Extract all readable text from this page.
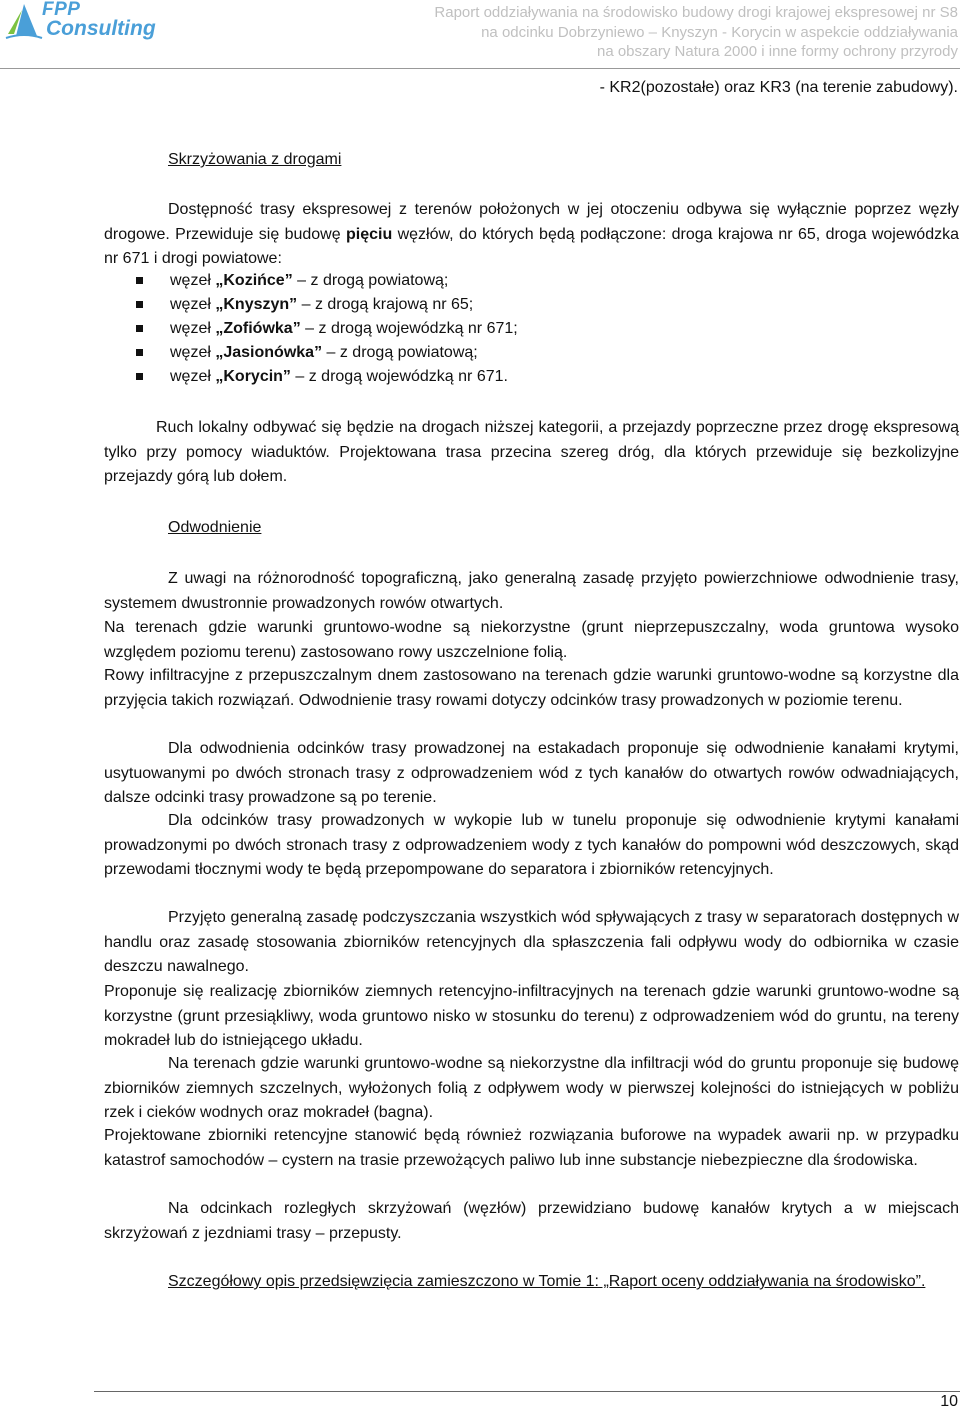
FPP
Consulting
Raport oddziaływania na środowisko budowy drogi krajowej ekspresowej nr S8
na odcinku Dobrzyniewo – Knyszyn - Korycin w aspekcie oddziaływania
na obszary Natura 2000 i inne formy ochrony przyrody
- KR2(pozostałe) oraz KR3 (na terenie zabudowy).
Skrzyżowania z drogami

Dostępność trasy ekspresowej z terenów położonych w jej otoczeniu odbywa się wyłącznie poprzez węzły drogowe. Przewiduje się budowę pięciu węzłów, do których będą podłączone: droga krajowa nr 65, droga wojewódzka nr 671 i drogi powiatowe:

węzeł „Kozińce” – z drogą powiatową;
węzeł „Knyszyn” – z drogą krajową nr 65;
węzeł „Zofiówka” – z drogą wojewódzką nr 671;
węzeł „Jasionówka” – z drogą powiatową;
węzeł „Korycin” – z drogą wojewódzką nr 671.

Ruch lokalny odbywać się będzie na drogach niższej kategorii, a przejazdy poprzeczne przez drogę ekspresową tylko przy pomocy wiaduktów. Projektowana trasa przecina szereg dróg, dla których przewiduje się bezkolizyjne przejazdy górą lub dołem.

Odwodnienie

Z uwagi na różnorodność topograficzną, jako generalną zasadę przyjęto powierzchniowe odwodnienie trasy, systemem dwustronnie prowadzonych rowów otwartych.

Na terenach gdzie warunki gruntowo-wodne są niekorzystne (grunt nieprzepuszczalny, woda gruntowa wysoko względem poziomu terenu) zastosowano rowy uszczelnione folią.

Rowy infiltracyjne z przepuszczalnym dnem zastosowano na terenach gdzie warunki gruntowo-wodne są korzystne dla przyjęcia takich rozwiązań. Odwodnienie trasy rowami dotyczy odcinków trasy prowadzonych w poziomie terenu.

Dla odwodnienia odcinków trasy prowadzonej na estakadach proponuje się odwodnienie kanałami krytymi, usytuowanymi po dwóch stronach trasy z odprowadzeniem wód z tych kanałów do otwartych rowów odwadniających, dalsze odcinki trasy prowadzone są po terenie.

Dla odcinków trasy prowadzonych w wykopie lub w tunelu proponuje się odwodnienie krytymi kanałami prowadzonymi po dwóch stronach trasy z odprowadzeniem wody z tych kanałów do pompowni wód deszczowych, skąd przewodami tłocznymi wody te będą przepompowane do separatora i zbiorników retencyjnych.

Przyjęto generalną zasadę podczyszczania wszystkich wód spływających z trasy w separatorach dostępnych w handlu oraz zasadę stosowania zbiorników retencyjnych dla spłaszczenia fali odpływu wody do odbiornika w czasie deszczu nawalnego.

Proponuje się realizację zbiorników ziemnych retencyjno-infiltracyjnych na terenach gdzie warunki gruntowo-wodne są korzystne (grunt przesiąkliwy, woda gruntowo nisko w stosunku do terenu) z odprowadzeniem wód do gruntu, na tereny mokradeł lub do istniejącego układu.

Na terenach gdzie warunki gruntowo-wodne są niekorzystne dla infiltracji wód do gruntu proponuje się budowę zbiorników ziemnych szczelnych, wyłożonych folią z odpływem wody w pierwszej kolejności do istniejących w pobliżu rzek i cieków wodnych oraz mokradeł (bagna).

Projektowane zbiorniki retencyjne stanowić będą również rozwiązania buforowe na wypadek awarii np. w przypadku katastrof samochodów – cystern na trasie przewożących paliwo lub inne substancje niebezpieczne dla środowiska.

Na odcinkach rozległych skrzyżowań (węzłów) przewidziano budowę kanałów krytych a w miejscach skrzyżowań z jezdniami trasy – przepusty.

Szczegółowy opis przedsięwzięcia zamieszczono w Tomie 1: „Raport oceny oddziaływania na środowisko”.

10
